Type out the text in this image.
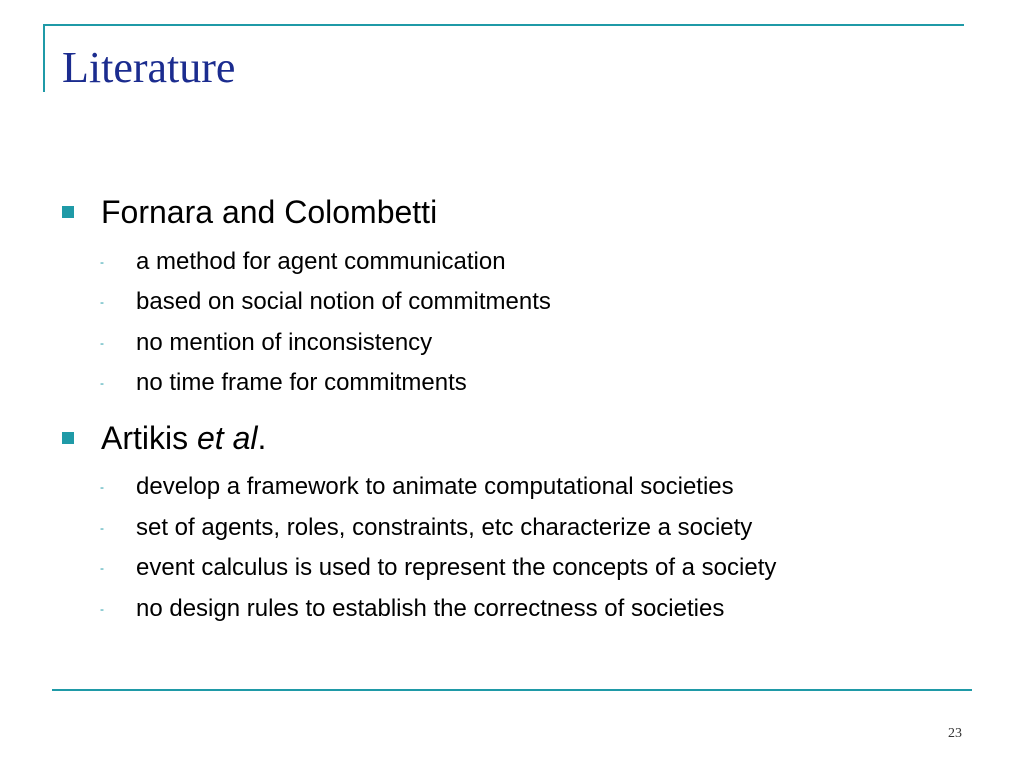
Literature
Fornara and Colombetti
-	a method for agent communication
-	based on social notion of commitments
-	no mention of inconsistency
-	no time frame for commitments
Artikis et al.
-	develop a framework to animate computational societies
-	set of agents, roles, constraints, etc characterize a society
-	event calculus is used to represent the concepts of a society
-	no design rules to establish the correctness of societies
23
